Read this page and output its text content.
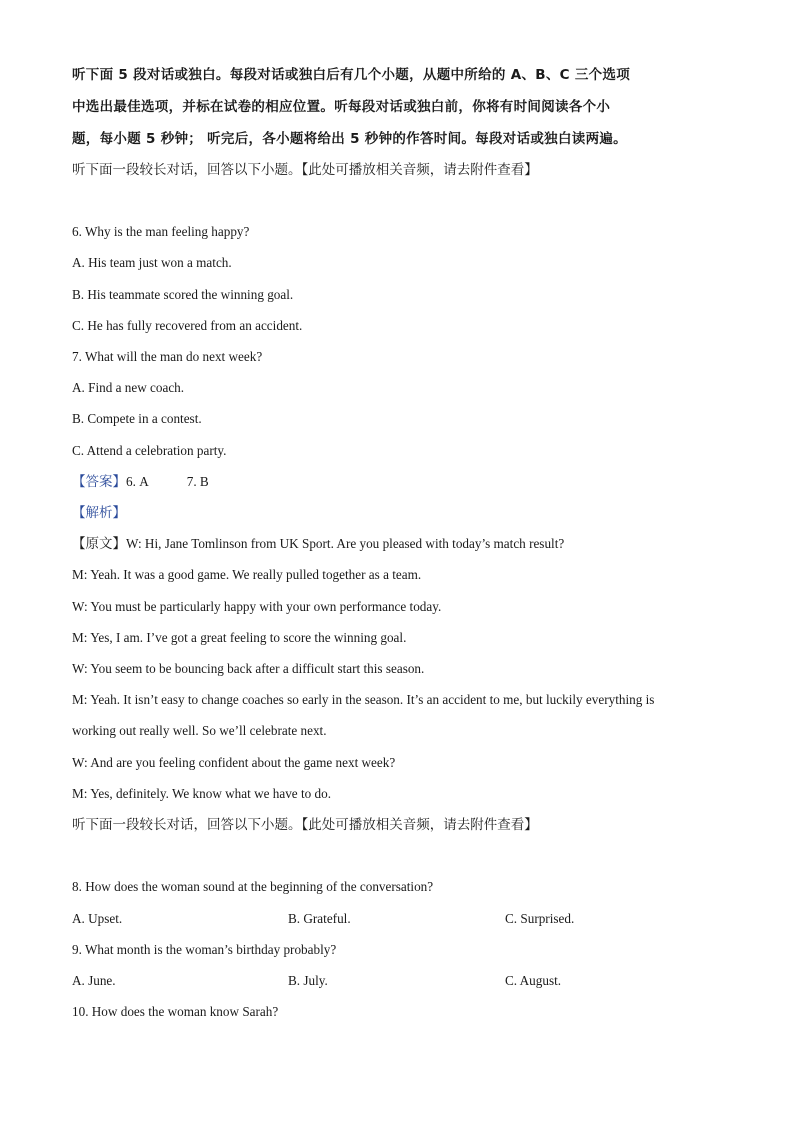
听下面 5 段对话或独白。每段对话或独白后有几个小题，从题中所给的 A、B、C 三个选项
中选出最佳选项，并标在试卷的相应位置。听每段对话或独白前，你将有时间阅读各个小
题，每小题 5 秒钟； 听完后，各小题将给出 5 秒钟的作答时间。每段对话或独白读两遍。
听下面一段较长对话，回答以下小题。【此处可播放相关音频，请去附件查看】
6. Why is the man feeling happy?
A. His team just won a match.
B. His teammate scored the winning goal.
C. He has fully recovered from an accident.
7. What will the man do next week?
A. Find a new coach.
B. Compete in a contest.
C. Attend a celebration party.
【答案】6. A	7. B
【解析】
【原文】W: Hi, Jane Tomlinson from UK Sport. Are you pleased with today’s match result?
M: Yeah. It was a good game. We really pulled together as a team.
W: You must be particularly happy with your own performance today.
M: Yes, I am. I’ve got a great feeling to score the winning goal.
W: You seem to be bouncing back after a difficult start this season.
M: Yeah. It isn’t easy to change coaches so early in the season. It’s an accident to me, but luckily everything is
working out really well. So we’ll celebrate next.
W: And are you feeling confident about the game next week?
M: Yes, definitely. We know what we have to do.
听下面一段较长对话，回答以下小题。【此处可播放相关音频，请去附件查看】
8. How does the woman sound at the beginning of the conversation?
A. Upset.	B. Grateful.	C. Surprised.
9. What month is the woman’s birthday probably?
A. June.	B. July.	C. August.
10. How does the woman know Sarah?
